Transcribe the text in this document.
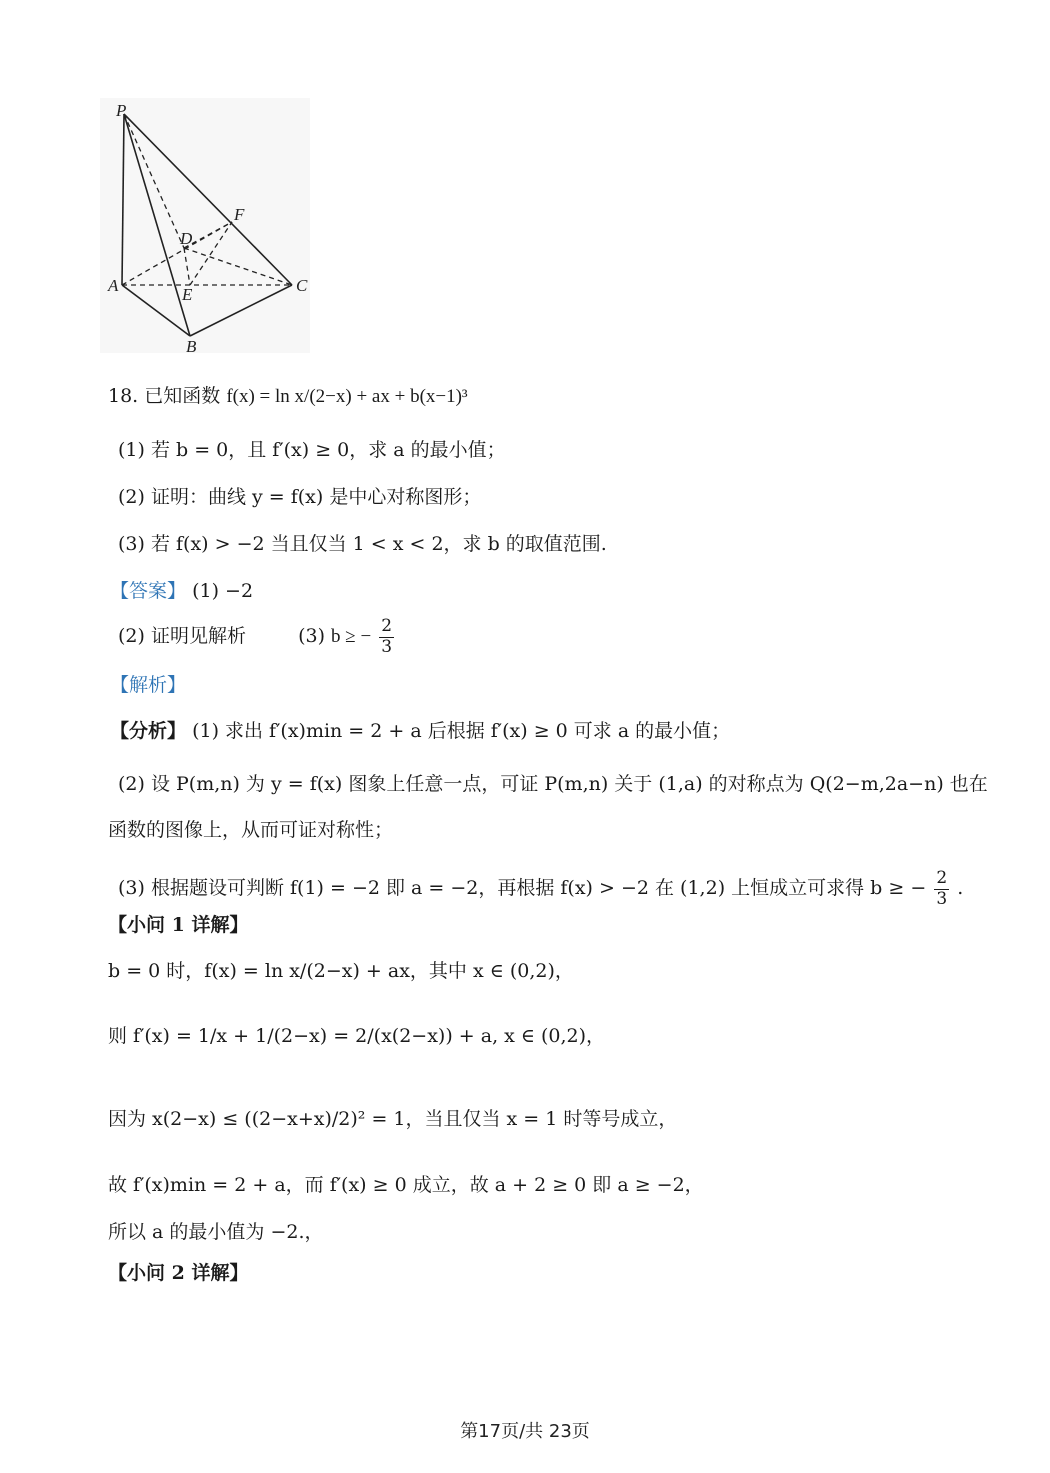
P
F
D
A	E	C
B
18. 已知函数 f(x) = ln x/(2−x) + ax + b(x−1)³
(1) 若 b = 0，且 f′(x) ≥ 0，求 a 的最小值；
(2) 证明：曲线 y = f(x) 是中心对称图形；
(3) 若 f(x) > −2 当且仅当 1 < x < 2，求 b 的取值范围.
【答案】 (1) −2
(2) 证明见解析	(3) b ≥ − $\frac{2}{3}$
【解析】
【分析】 (1) 求出 f′(x)min = 2 + a 后根据 f′(x) ≥ 0 可求 a 的最小值；
(2) 设 P(m,n) 为 y = f(x) 图象上任意一点，可证 P(m,n) 关于 (1,a) 的对称点为 Q(2−m,2a−n) 也在
函数的图像上，从而可证对称性；
(3) 根据题设可判断 f(1) = −2 即 a = −2，再根据 f(x) > −2 在 (1,2) 上恒成立可求得 b ≥ − $\frac{2}{3}$ .
【小问 1 详解】
b = 0 时，f(x) = ln x/(2−x) + ax，其中 x ∈ (0,2)，
则 f′(x) = 1/x + 1/(2−x) = 2/(x(2−x)) + a, x ∈ (0,2)，
因为 x(2−x) ≤ ((2−x+x)/2)² = 1，当且仅当 x = 1 时等号成立，
故 f′(x)min = 2 + a，而 f′(x) ≥ 0 成立，故 a + 2 ≥ 0 即 a ≥ −2，
所以 a 的最小值为 −2.，
【小问 2 详解】
第17页/共 23页
